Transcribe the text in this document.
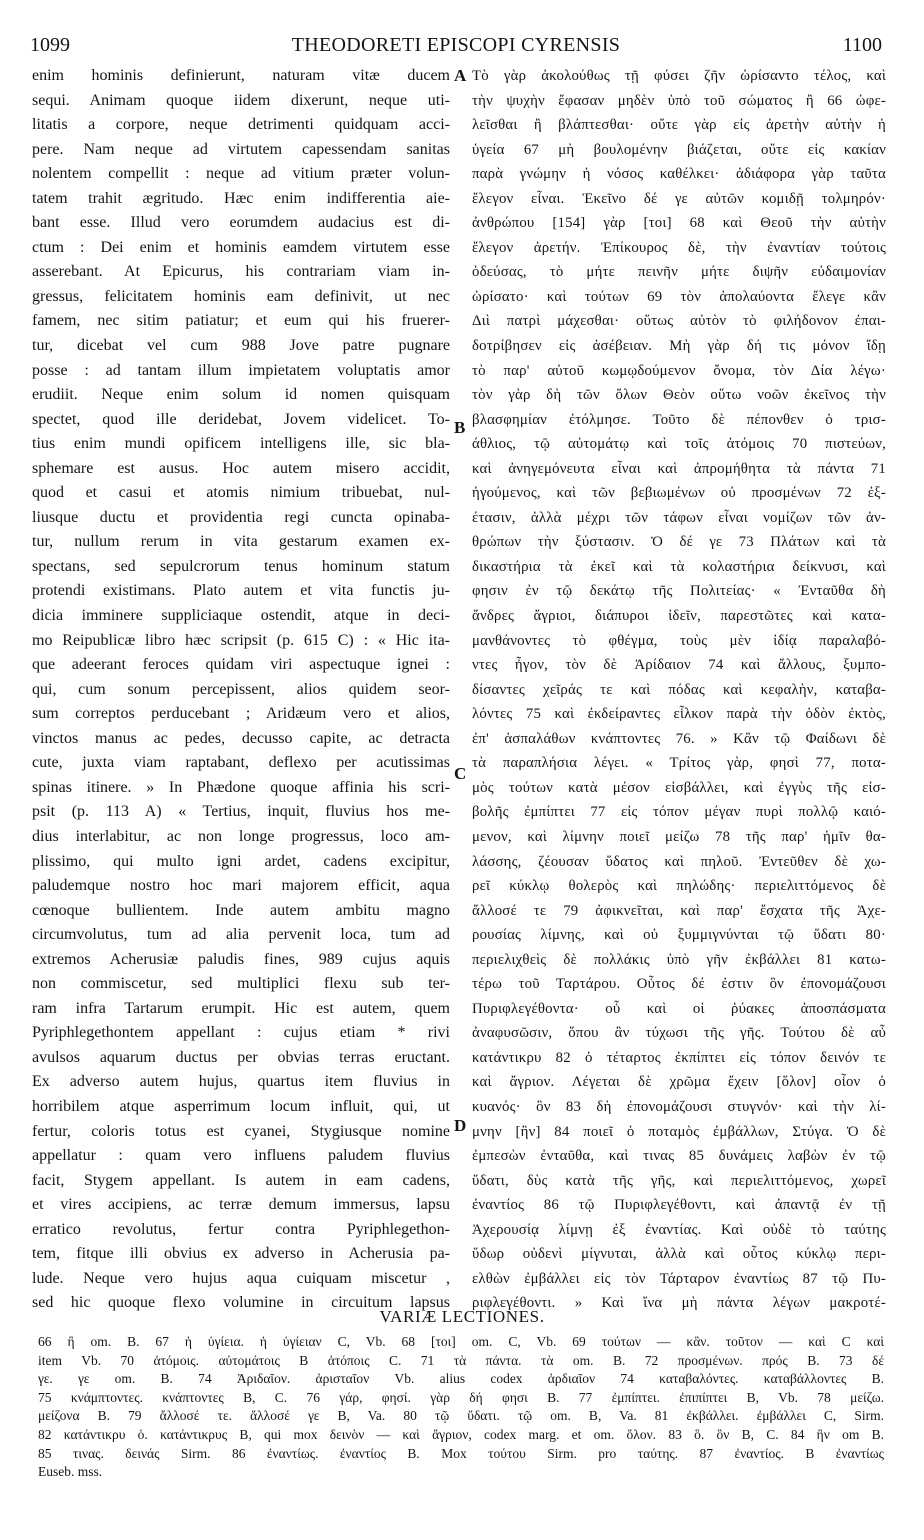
1099	THEODORETI EPISCOPI CYRENSIS	1100
enim hominis definierunt, naturam vitæ ducem
sequi. Animam quoque iidem dixerunt, neque uti-
litatis a corpore, neque detrimenti quidquam acci-
pere. Nam neque ad virtutem capessendam sanitas
nolentem compellit : neque ad vitium præter volun-
tatem trahit ægritudo. Hæc enim indifferentia aie-
bant esse. Illud vero eorumdem audacius est di-
ctum : Dei enim et hominis eamdem virtutem esse
asserebant. At Epicurus, his contrariam viam in-
gressus, felicitatem hominis eam definivit, ut nec
famem, nec sitim patiatur; et eum qui his fruerer-
tur, dicebat vel cum 988 Jove patre pugnare
posse : ad tantam illum impietatem voluptatis amor
erudiit. Neque enim solum id nomen quisquam
spectet, quod ille deridebat, Jovem videlicet. To-
tius enim mundi opificem intelligens ille, sic bla-
sphemare est ausus. Hoc autem misero accidit,
quod et casui et atomis nimium tribuebat, nul-
liusque ductu et providentia regi cuncta opinaba-
tur, nullum rerum in vita gestarum examen ex-
spectans, sed sepulcrorum tenus hominum statum
protendi existimans. Plato autem et vita functis ju-
dicia imminere suppliciaque ostendit, atque in deci-
mo Reipublicæ libro hæc scripsit (p. 615 C) : « Hic ita-
que adeerant feroces quidam viri aspectuque ignei :
qui, cum sonum percepissent, alios quidem seor-
sum correptos perducebant ; Aridæum vero et alios,
vinctos manus ac pedes, decusso capite, ac detracta
cute, juxta viam raptabant, deflexo per acutissimas
spinas itinere. » In Phædone quoque affinia his scri-
psit (p. 113 A) « Tertius, inquit, fluvius hos me-
dius interlabitur, ac non longe progressus, loco am-
plissimo, qui multo igni ardet, cadens excipitur,
paludemque nostro hoc mari majorem efficit, aqua
cœnoque bullientem. Inde autem ambitu magno
circumvolutus, tum ad alia pervenit loca, tum ad
extremos Acherusiæ paludis fines, 989 cujus aquis
non commiscetur, sed multiplici flexu sub ter-
ram infra Tartarum erumpit. Hic est autem, quem
Pyriphlegethontem appellant : cujus etiam * rivi
avulsos aquarum ductus per obvias terras eructant.
Ex adverso autem hujus, quartus item fluvius in
horribilem atque asperrimum locum influit, qui, ut
fertur, coloris totus est cyanei, Stygiusque nomine
appellatur : quam vero influens paludem fluvius
facit, Stygem appellant. Is autem in eam cadens,
et vires accipiens, ac terræ demum immersus, lapsu
erratico revolutus, fertur contra Pyriphlegethon-
tem, fitque illi obvius ex adverso in Acherusia pa-
lude. Neque vero hujus aqua cuiquam miscetur ,
sed hic quoque flexo volumine in circuitum lapsus
Τὸ γὰρ ἀκολούθως τῇ φύσει ζῆν ὡρίσαντο τέλος, καὶ
τὴν ψυχὴν ἔφασαν μηδὲν ὑπὸ τοῦ σώματος ἢ 66 ὠφε-
λεῖσθαι ἢ βλάπτεσθαι· οὔτε γὰρ εἰς ἀρετὴν αὐτὴν ἡ
ὑγεία 67 μὴ βουλομένην βιάζεται, οὔτε εἰς κακίαν
παρὰ γνώμην ἡ νόσος καθέλκει· ἀδιάφορα γὰρ ταῦτα
ἔλεγον εἶναι. Ἐκεῖνο δέ γε αὐτῶν κομιδῇ τολμηρόν·
ἀνθρώπου [154] γὰρ [τοι] 68 καὶ Θεοῦ τὴν αὐτὴν
ἔλεγον ἀρετήν. Ἐπίκουρος δὲ, τὴν ἐναντίαν τούτοις
ὁδεύσας, τὸ μήτε πεινῆν μήτε διψῆν εὐδαιμονίαν
ὡρίσατο· καὶ τούτων 69 τὸν ἀπολαύοντα ἔλεγε κἂν
Διὶ πατρὶ μάχεσθαι· οὕτως αὐτὸν τὸ φιλήδονον ἐπαι-
δοτρίβησεν εἰς ἀσέβειαν. Μὴ γὰρ δή τις μόνον ἴδῃ
τὸ παρ' αὐτοῦ κωμῳδούμενον ὄνομα, τὸν Δία λέγω·
τὸν γὰρ δὴ τῶν ὅλων Θεὸν οὕτω νοῶν ἐκεῖνος τὴν
βλασφημίαν ἐτόλμησε. Τοῦτο δὲ πέπονθεν ὁ τρισ-
άθλιος, τῷ αὐτομάτῳ καὶ τοῖς ἀτόμοις 70 πιστεύων,
καὶ ἀνηγεμόνευτα εἶναι καὶ ἀπρομήθητα τὰ πάντα 71
ἡγούμενος, καὶ τῶν βεβιωμένων οὐ προσμένων 72 ἐξ-
έτασιν, ἀλλὰ μέχρι τῶν τάφων εἶναι νομίζων τῶν ἀν-
θρώπων τὴν ξύστασιν. Ὁ δέ γε 73 Πλάτων καὶ τὰ
δικαστήρια τὰ ἐκεῖ καὶ τὰ κολαστήρια δείκνυσι, καὶ
φησιν ἐν τῷ δεκάτῳ τῆς Πολιτείας· « Ἐνταῦθα δὴ
ἄνδρες ἄγριοι, διάπυροι ἰδεῖν, παρεστῶτες καὶ κατα-
μανθάνοντες τὸ φθέγμα, τοὺς μὲν ἰδίᾳ παραλαβό-
ντες ἦγον, τὸν δὲ Ἀρίδαιον 74 καὶ ἄλλους, ξυμπο-
δίσαντες χεῖράς τε καὶ πόδας καὶ κεφαλὴν, καταβα-
λόντες 75 καὶ ἐκδείραντες εἷλκον παρὰ τὴν ὁδὸν ἐκτὸς,
ἐπ' ἀσπαλάθων κνάπτοντες 76. » Κἂν τῷ Φαίδωνι δὲ
τὰ παραπλήσια λέγει. « Τρίτος γὰρ, φησὶ 77, ποτα-
μὸς τούτων κατὰ μέσον εἰσβάλλει, καὶ ἐγγὺς τῆς εἰσ-
βολῆς ἐμπίπτει 77 εἰς τόπον μέγαν πυρὶ πολλῷ καιό-
μενον, καὶ λίμνην ποιεῖ μείζω 78 τῆς παρ' ἡμῖν θα-
λάσσης, ζέουσαν ὕδατος καὶ πηλοῦ. Ἐντεῦθεν δὲ χω-
ρεῖ κύκλῳ θολερὸς καὶ πηλώδης· περιελιττόμενος δὲ
ἄλλοσέ τε 79 ἀφικνεῖται, καὶ παρ' ἔσχατα τῆς Ἀχε-
ρουσίας λίμνης, καὶ οὐ ξυμμιγνύνται τῷ ὕδατι 80·
περιελιχθεὶς δὲ πολλάκις ὑπὸ γῆν ἐκβάλλει 81 κατω-
τέρω τοῦ Ταρτάρου. Οὗτος δέ ἐστιν ὃν ἐπονομάζουσι
Πυριφλεγέθοντα· οὗ καὶ οἱ ῥύακες ἀποσπάσματα
ἀναφυσῶσιν, ὅπου ἂν τύχωσι τῆς γῆς. Τούτου δὲ αὖ
κατάντικρυ 82 ὁ τέταρτος ἐκπίπτει εἰς τόπον δεινόν τε
καὶ ἄγριον. Λέγεται δὲ χρῶμα ἔχειν [ὅλον] οἷον ὁ
κυανός· ὃν 83 δὴ ἐπονομάζουσι στυγνόν· καὶ τὴν λί-
μνην [ἣν] 84 ποιεῖ ὁ ποταμὸς ἐμβάλλων, Στύγα. Ὁ δὲ
ἐμπεσὼν ἐνταῦθα, καὶ τινας 85 δυνάμεις λαβὼν ἐν τῷ
ὕδατι, δὺς κατὰ τῆς γῆς, καὶ περιελιττόμενος, χωρεῖ
ἐναντίος 86 τῷ Πυριφλεγέθοντι, καὶ ἀπαντᾷ ἐν τῇ
Ἀχερουσίᾳ λίμνῃ ἐξ ἐναντίας. Καὶ οὐδὲ τὸ ταύτης
ὕδωρ οὐδενὶ μίγνυται, ἀλλὰ καὶ οὗτος κύκλῳ περι-
ελθὼν ἐμβάλλει εἰς τὸν Τάρταρον ἐναντίως 87 τῷ Πυ-
ριφλεγέθοντι. » Καὶ ἵνα μὴ πάντα λέγων μακροτέ-
A
B
C
D
VARIÆ LECTIONES.
66 ἢ om. B. 67 ἡ ὑγίεια. ἡ ὑγίειαν C, Vb. 68 [τοι] om. C, Vb. 69 τούτων — κἂν. τοῦτον — καὶ C καὶ
item Vb. 70 ἀτόμοις. αὐτομάτοις B ἀτόποις C. 71 τὰ πάντα. τὰ om. B. 72 προσμένων. πρός B. 73 δέ
γε. γε om. B. 74 Ἀριδαῖον. ἀρισταῖον Vb. alius codex ἀρδιαῖον 74 καταβαλόντες. καταβάλλοντες B.
75 κνάμπτοντες. κνάπτοντες B, C. 76 γάρ, φησί. γὰρ δή φησι B. 77 ἐμπίπτει. ἐπιπίπτει B, Vb. 78 μείζω.
μείζονα B. 79 ἄλλοσέ τε. ἄλλοσέ γε B, Va. 80 τῷ ὕδατι. τῷ om. B, Va. 81 ἐκβάλλει. ἐμβάλλει C, Sirm.
82 κατάντικρυ ὁ. κατάντικρυς B, qui mox δεινὸν — καὶ ἄγριον, codex marg. et om. ὅλον. 83 ὃ. ὃν B, C. 84 ἣν om B.
85 τινας. δεινάς Sirm. 86 ἐναντίως. ἐναντίος B. Mox τούτου Sirm. pro ταύτης. 87 ἐναντίος. B ἐναντίως
Euseb. mss.
